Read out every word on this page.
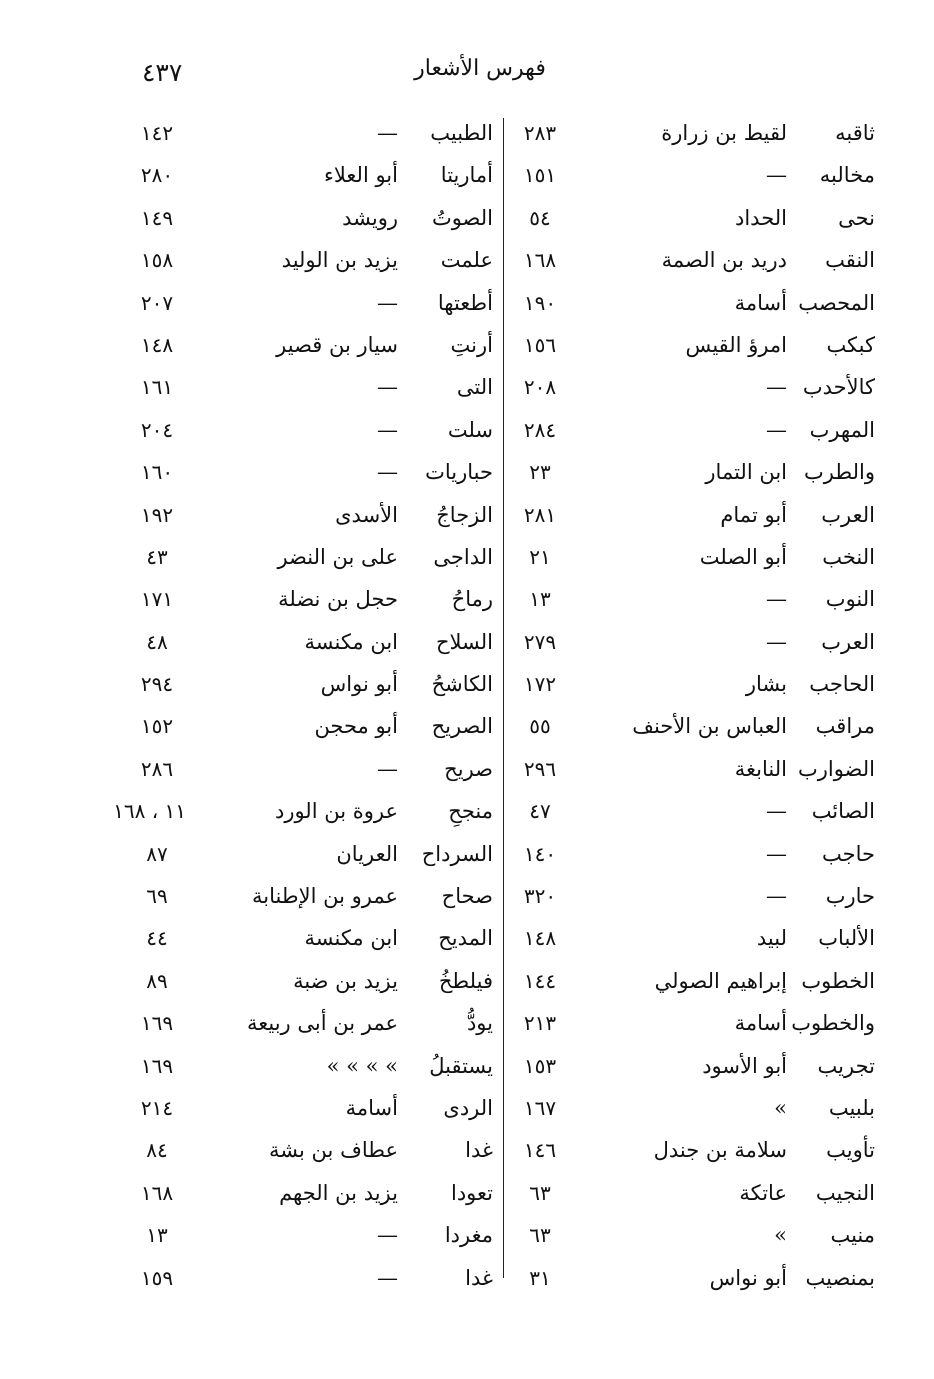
٤٣٧	فهرس الأشعار
ثاقبه
لقيط بن زرارة
٢٨٣
مخالبه
—
١٥١
نحى
الحداد
٥٤
النقب
دريد بن الصمة
١٦٨
المحصب
أسامة
١٩٠
كبكب
امرؤ القيس
١٥٦
كالأحدب
—
٢٠٨
المهرب
—
٢٨٤
والطرب
ابن التمار
٢٣
العرب
أبو تمام
٢٨١
النخب
أبو الصلت
٢١
النوب
—
١٣
العرب
—
٢٧٩
الحاجب
بشار
١٧٢
مراقب
العباس بن الأحنف
٥٥
الضوارب
النابغة
٢٩٦
الصائب
—
٤٧
حاجب
—
١٤٠
حارب
—
٣٢٠
الألباب
لبيد
١٤٨
الخطوب
إبراهيم الصولي
١٤٤
والخطوب
أسامة
٢١٣
تجريب
أبو الأسود
١٥٣
بلبيب
»
١٦٧
تأويب
سلامة بن جندل
١٤٦
النجيب
عاتكة
٦٣
منيب
»
٦٣
بمنصيب
أبو نواس
٣١
الطبيب
—
١٤٢
أماريتا
أبو العلاء
٢٨٠
الصوتُ
رويشد
١٤٩
علمت
يزيد بن الوليد
١٥٨
أطعتها
—
٢٠٧
أرنتِ
سيار بن قصير
١٤٨
التى
—
١٦١
سلت
—
٢٠٤
حباريات
—
١٦٠
الزجاجُ
الأسدى
١٩٢
الداجى
على بن النضر
٤٣
رماحُ
حجل بن نضلة
١٧١
السلاح
ابن مكنسة
٤٨
الكاشحُ
أبو نواس
٢٩٤
الصريح
أبو محجن
١٥٢
صريح
—
٢٨٦
منجحِ
عروة بن الورد
١١ ، ١٦٨
السرداح
العريان
٨٧
صحاح
عمرو بن الإطنابة
٦٩
المديح
ابن مكنسة
٤٤
فيلطخُ
يزيد بن ضبة
٨٩
يودُّ
عمر بن أبى ربيعة
١٦٩
يستقبلُ
» » » »
١٦٩
الردى
أسامة
٢١٤
غدا
عطاف بن بشة
٨٤
تعودا
يزيد بن الجهم
١٦٨
مغردا
—
١٣
غدا
—
١٥٩
